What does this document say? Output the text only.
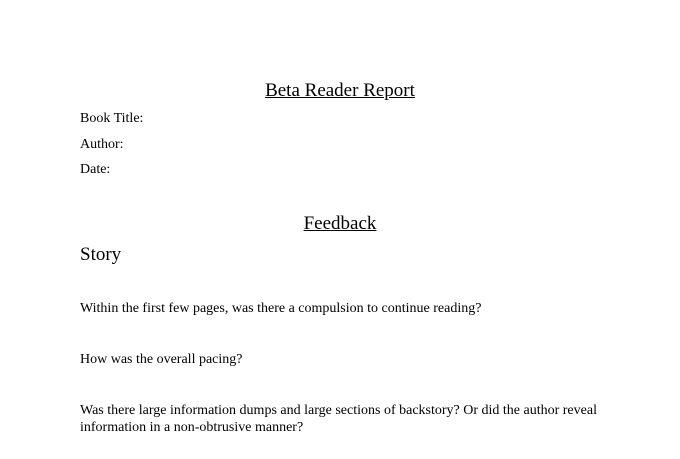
Beta Reader Report
Book Title:
Author:
Date:
Feedback
Story
Within the first few pages, was there a compulsion to continue reading?
How was the overall pacing?
Was there large information dumps and large sections of backstory? Or did the author reveal
information in a non-obtrusive manner?
